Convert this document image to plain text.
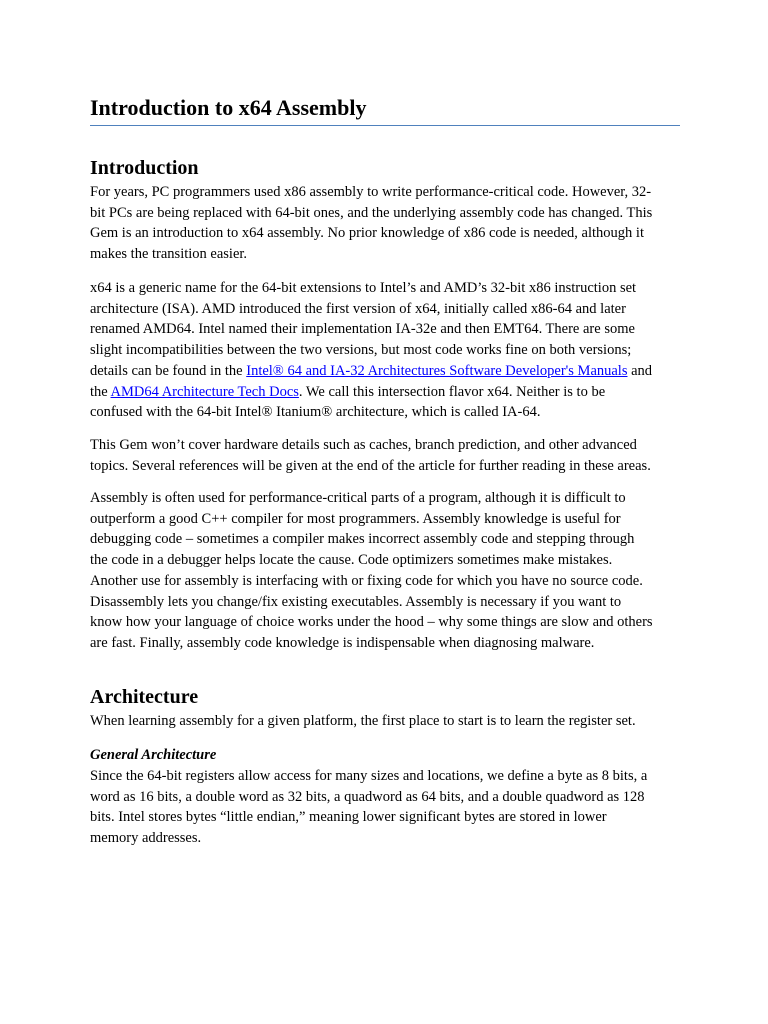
Introduction to x64 Assembly
Introduction

For years, PC programmers used x86 assembly to write performance-critical code. However, 32-
bit PCs are being replaced with 64-bit ones, and the underlying assembly code has changed. This
Gem is an introduction to x64 assembly. No prior knowledge of x86 code is needed, although it
makes the transition easier.

x64 is a generic name for the 64-bit extensions to Intel’s and AMD’s 32-bit x86 instruction set
architecture (ISA). AMD introduced the first version of x64, initially called x86-64 and later
renamed AMD64. Intel named their implementation IA-32e and then EMT64. There are some
slight incompatibilities between the two versions, but most code works fine on both versions;
details can be found in the Intel® 64 and IA-32 Architectures Software Developer's Manuals and
the AMD64 Architecture Tech Docs. We call this intersection flavor x64. Neither is to be
confused with the 64-bit Intel® Itanium® architecture, which is called IA-64.

This Gem won’t cover hardware details such as caches, branch prediction, and other advanced
topics. Several references will be given at the end of the article for further reading in these areas.

Assembly is often used for performance-critical parts of a program, although it is difficult to
outperform a good C++ compiler for most programmers. Assembly knowledge is useful for
debugging code – sometimes a compiler makes incorrect assembly code and stepping through
the code in a debugger helps locate the cause. Code optimizers sometimes make mistakes.
Another use for assembly is interfacing with or fixing code for which you have no source code.
Disassembly lets you change/fix existing executables. Assembly is necessary if you want to
know how your language of choice works under the hood – why some things are slow and others
are fast. Finally, assembly code knowledge is indispensable when diagnosing malware.

Architecture

When learning assembly for a given platform, the first place to start is to learn the register set.

General Architecture

Since the 64-bit registers allow access for many sizes and locations, we define a byte as 8 bits, a
word as 16 bits, a double word as 32 bits, a quadword as 64 bits, and a double quadword as 128
bits. Intel stores bytes “little endian,” meaning lower significant bytes are stored in lower
memory addresses.
